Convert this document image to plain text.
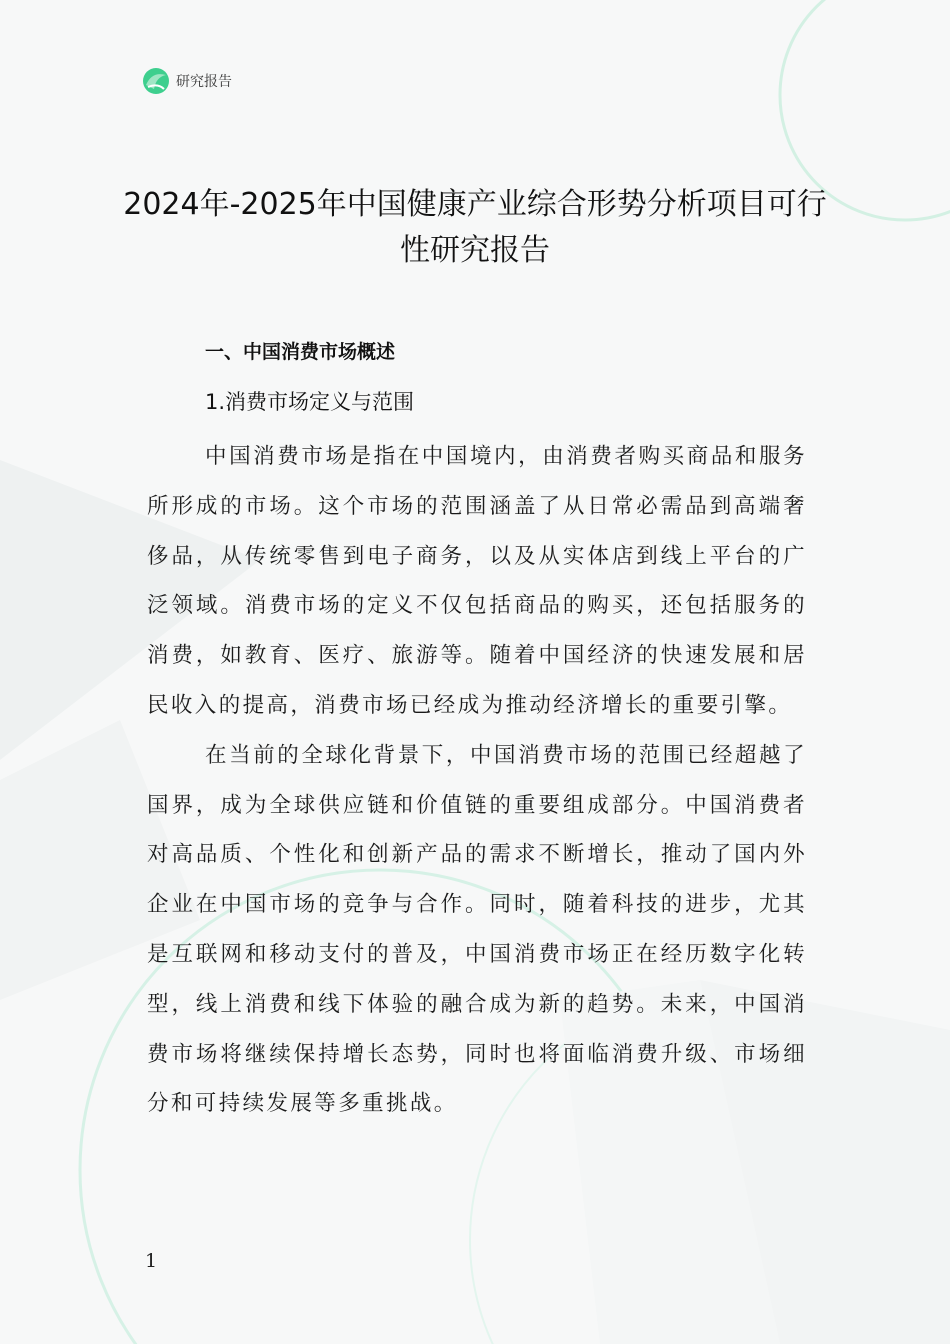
研究报告
2024年-2025年中国健康产业综合形势分析项目可行性研究报告
一、中国消费市场概述
1.消费市场定义与范围

中国消费市场是指在中国境内，由消费者购买商品和服务所形成的市场。这个市场的范围涵盖了从日常必需品到高端奢侈品，从传统零售到电子商务，以及从实体店到线上平台的广泛领域。消费市场的定义不仅包括商品的购买，还包括服务的消费，如教育、医疗、旅游等。随着中国经济的快速发展和居民收入的提高，消费市场已经成为推动经济增长的重要引擎。

在当前的全球化背景下，中国消费市场的范围已经超越了国界，成为全球供应链和价值链的重要组成部分。中国消费者对高品质、个性化和创新产品的需求不断增长，推动了国内外企业在中国市场的竞争与合作。同时，随着科技的进步，尤其是互联网和移动支付的普及，中国消费市场正在经历数字化转型，线上消费和线下体验的融合成为新的趋势。未来，中国消费市场将继续保持增长态势，同时也将面临消费升级、市场细分和可持续发展等多重挑战。

1
